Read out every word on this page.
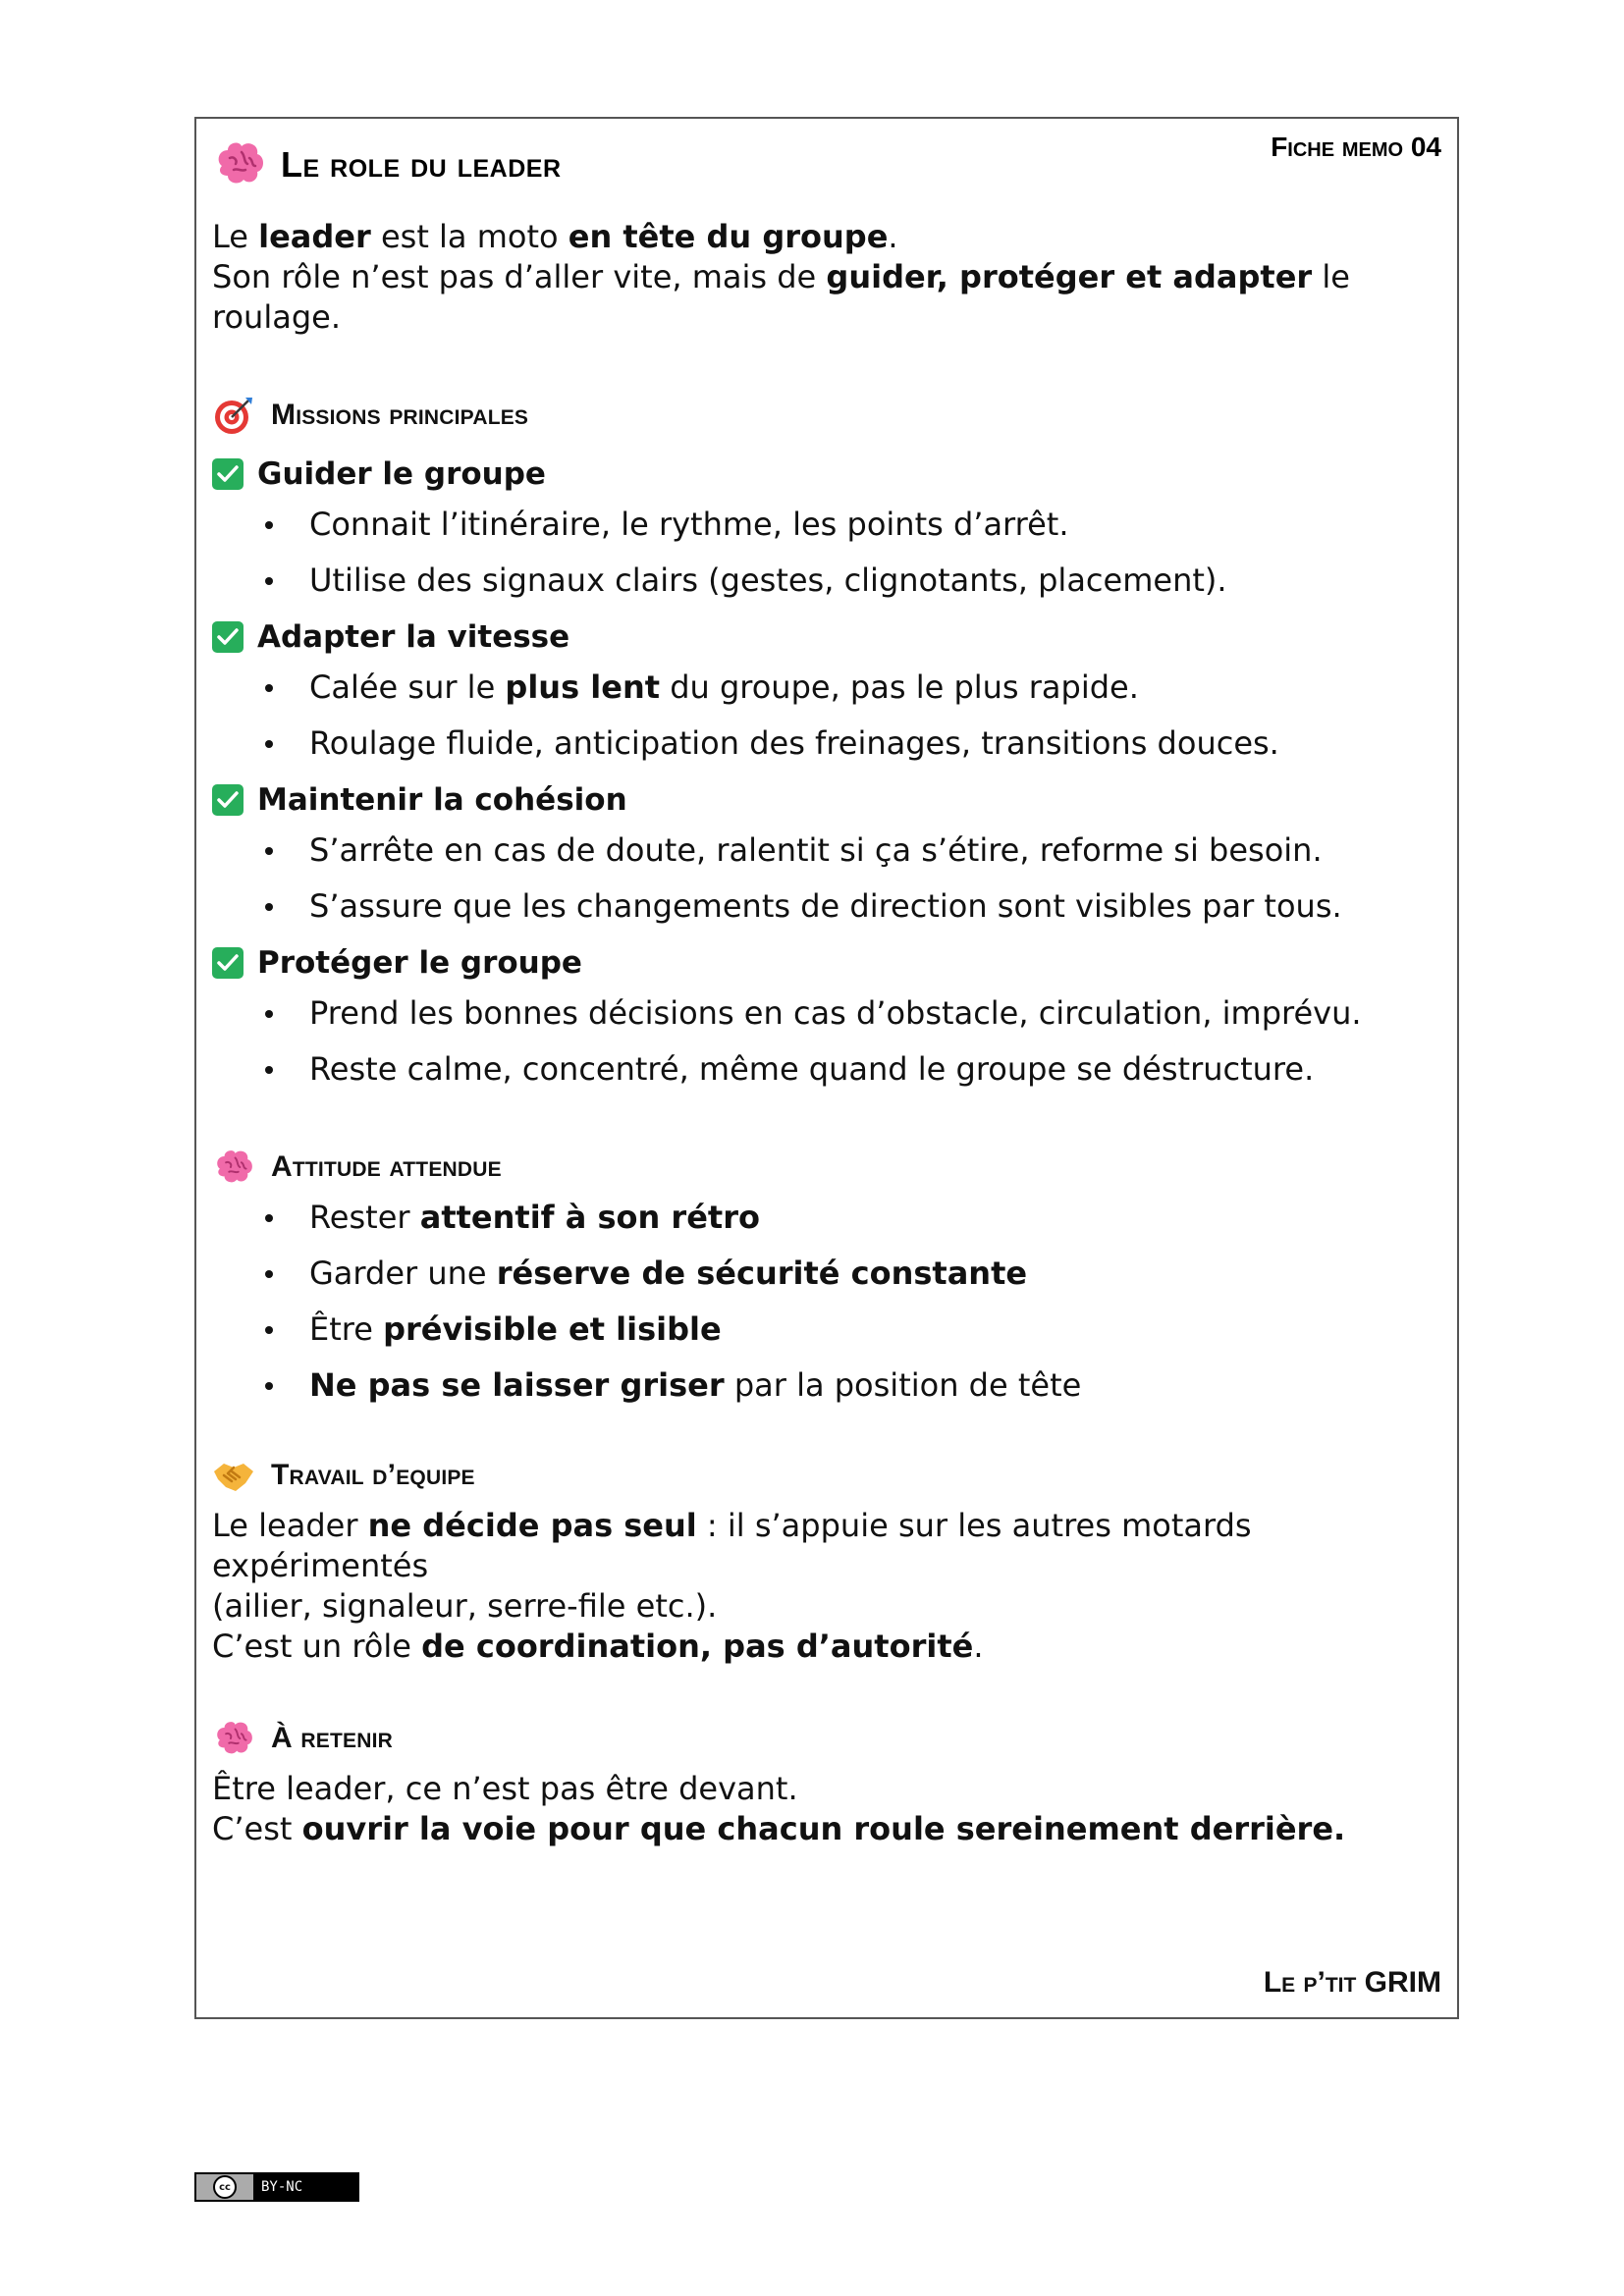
Le role du leader	Fiche memo 04

Le leader est la moto en tête du groupe.

Son rôle n’est pas d’aller vite, mais de guider, protéger et adapter le roulage.

Missions principales
Guider le groupe
Connait l’itinéraire, le rythme, les points d’arrêt.
Utilise des signaux clairs (gestes, clignotants, placement).
Adapter la vitesse
Calée sur le plus lent du groupe, pas le plus rapide.
Roulage fluide, anticipation des freinages, transitions douces.
Maintenir la cohésion
S’arrête en cas de doute, ralentit si ça s’étire, reforme si besoin.
S’assure que les changements de direction sont visibles par tous.
Protéger le groupe
Prend les bonnes décisions en cas d’obstacle, circulation, imprévu.
Reste calme, concentré, même quand le groupe se déstructure.
Attitude attendue
Rester attentif à son rétro
Garder une réserve de sécurité constante
Être prévisible et lisible
Ne pas se laisser griser par la position de tête
Travail d’equipe

Le leader ne décide pas seul : il s’appuie sur les autres motards expérimentés

(ailier, signaleur, serre-file etc.).

C’est un rôle de coordination, pas d’autorité.

À retenir

Être leader, ce n’est pas être devant.

C’est ouvrir la voie pour que chacun roule sereinement derrière.

Le p’tit GRIM
cc	BY-NC
